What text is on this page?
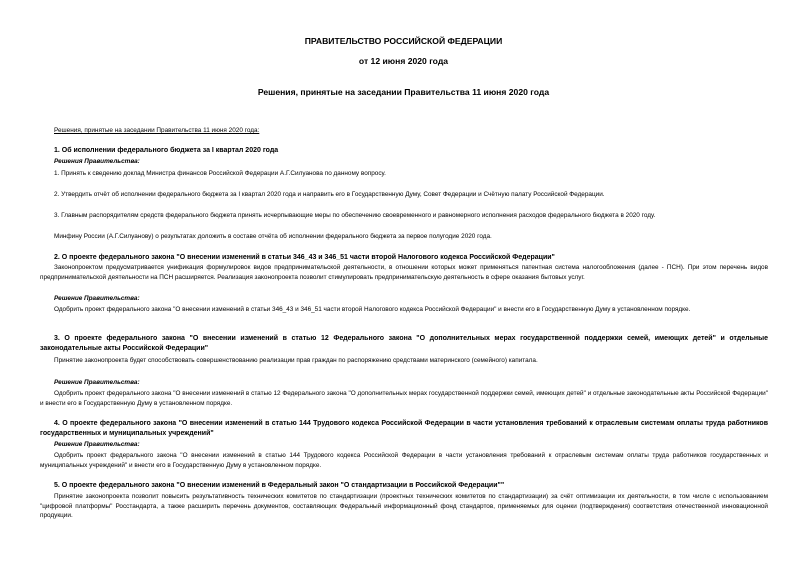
ПРАВИТЕЛЬСТВО РОССИЙСКОЙ ФЕДЕРАЦИИ
от 12 июня 2020 года
Решения, принятые на заседании Правительства 11 июня 2020 года
Решения, принятые на заседании Правительства 11 июня 2020 года:
1. Об исполнении федерального бюджета за I квартал 2020 года
Решения Правительства:
1. Принять к сведению доклад Министра финансов Российской Федерации А.Г.Силуанова по данному вопросу.
2. Утвердить отчёт об исполнении федерального бюджета за I квартал 2020 года и направить его в Государственную Думу, Совет Федерации и Счётную палату Российской Федерации.
3. Главным распорядителям средств федерального бюджета принять исчерпывающие меры по обеспечению своевременного и равномерного исполнения расходов федерального бюджета в 2020 году.
Минфину России (А.Г.Силуанову) о результатах доложить в составе отчёта об исполнении федерального бюджета за первое полугодие 2020 года.
2. О проекте федерального закона "О внесении изменений в статьи 346_43 и 346_51 части второй Налогового кодекса Российской Федерации"
Законопроектом предусматривается унификация формулировок видов предпринимательской деятельности, в отношении которых может применяться патентная система налогообложения (далее - ПСН). При этом перечень видов предпринимательской деятельности на ПСН расширяется. Реализация законопроекта позволит стимулировать предпринимательскую деятельность в сфере оказания бытовых услуг.
Решение Правительства:
Одобрить проект федерального закона "О внесении изменений в статьи 346_43 и 346_51 части второй Налогового кодекса Российской Федерации" и внести его в Государственную Думу в установленном порядке.
3. О проекте федерального закона "О внесении изменений в статью 12 Федерального закона "О дополнительных мерах государственной поддержки семей, имеющих детей" и отдельные законодательные акты Российской Федерации"
Принятие законопроекта будет способствовать совершенствованию реализации прав граждан по распоряжению средствами материнского (семейного) капитала.
Решение Правительства:
Одобрить проект федерального закона "О внесении изменений в статью 12 Федерального закона "О дополнительных мерах государственной поддержки семей, имеющих детей" и отдельные законодательные акты Российской Федерации" и внести его в Государственную Думу в установленном порядке.
4. О проекте федерального закона "О внесении изменений в статью 144 Трудового кодекса Российской Федерации в части установления требований к отраслевым системам оплаты труда работников государственных и муниципальных учреждений"
Решение Правительства:
Одобрить проект федерального закона "О внесении изменений в статью 144 Трудового кодекса Российской Федерации в части установления требований к отраслевым системам оплаты труда работников государственных и муниципальных учреждений" и внести его в Государственную Думу в установленном порядке.
5. О проекте федерального закона "О внесении изменений в Федеральный закон "О стандартизации в Российской Федерации""
Принятие законопроекта позволит повысить результативность технических комитетов по стандартизации (проектных технических комитетов по стандартизации) за счёт оптимизации их деятельности, в том числе с использованием "цифровой платформы" Росстандарта, а также расширить перечень документов, составляющих Федеральный информационный фонд стандартов, применяемых для оценки (подтверждения) соответствия отечественной инновационной продукции.
